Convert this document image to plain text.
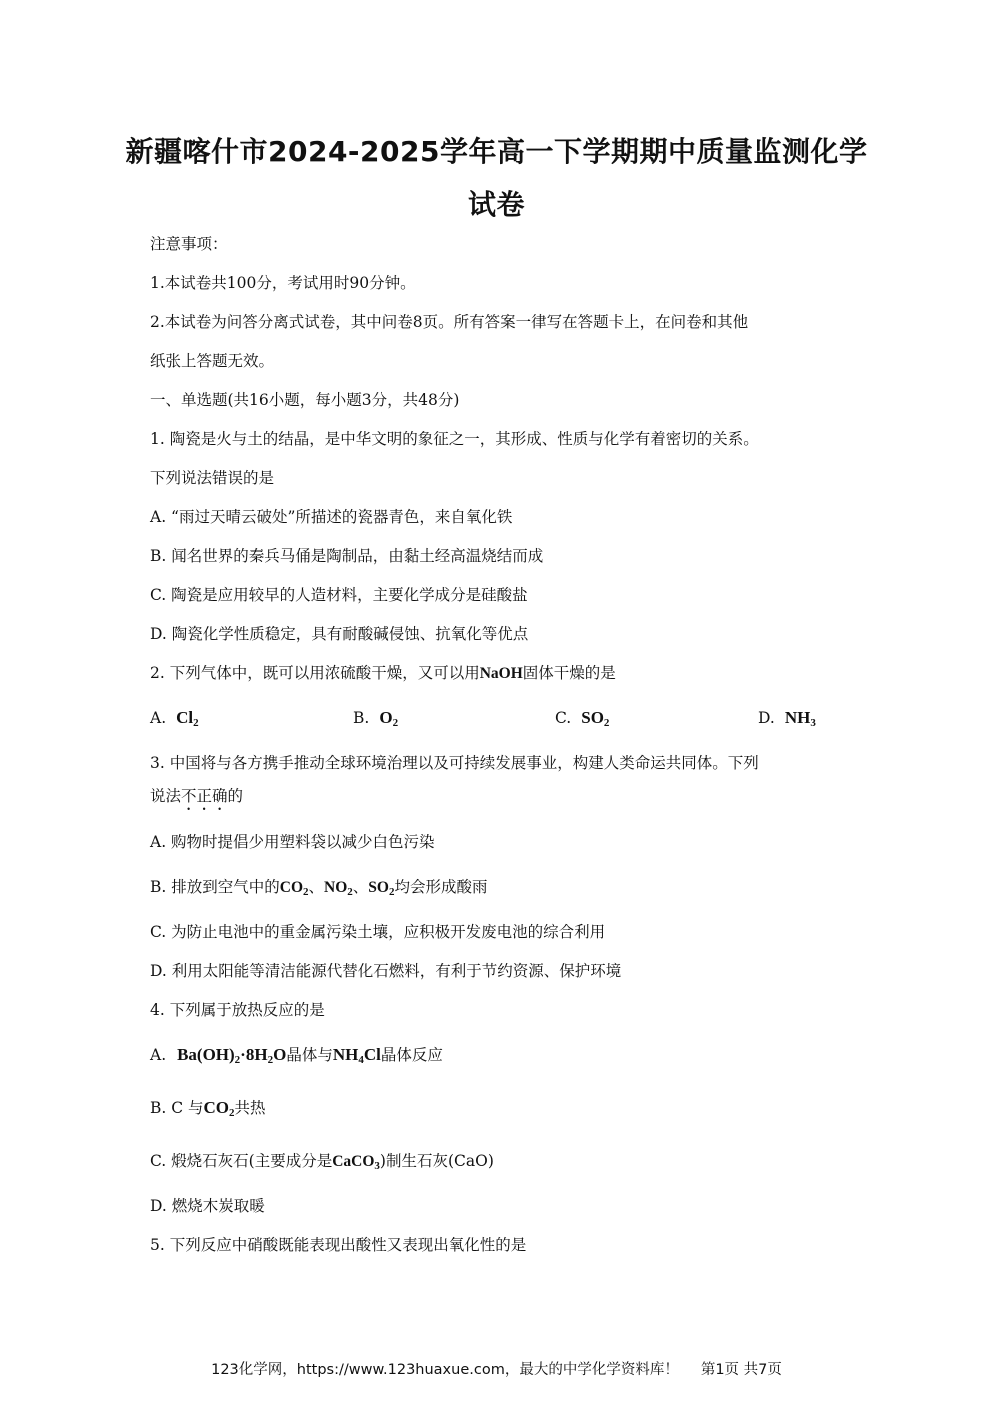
新疆喀什市2024-2025学年高一下学期期中质量监测化学
试卷
注意事项：
1.本试卷共100分，考试用时90分钟。
2.本试卷为问答分离式试卷，其中问卷8页。所有答案一律写在答题卡上，在问卷和其他
纸张上答题无效。
一、单选题(共16小题，每小题3分，共48分)
1. 陶瓷是火与土的结晶，是中华文明的象征之一，其形成、性质与化学有着密切的关系。
下列说法错误的是
A. “雨过天晴云破处”所描述的瓷器青色，来自氧化铁
B. 闻名世界的秦兵马俑是陶制品，由黏土经高温烧结而成
C. 陶瓷是应用较早的人造材料，主要化学成分是硅酸盐
D. 陶瓷化学性质稳定，具有耐酸碱侵蚀、抗氧化等优点
2. 下列气体中，既可以用浓硫酸干燥，又可以用NaOH固体干燥的是
A. $Cl_2$	B. $O_2$	C. $SO_2$	D. $NH_3$
3. 中国将与各方携手推动全球环境治理以及可持续发展事业，构建人类命运共同体。下列
说法不正确的
A. 购物时提倡少用塑料袋以减少白色污染
B. 排放到空气中的$CO_2$、$NO_2$、$SO_2$均会形成酸雨
C. 为防止电池中的重金属污染土壤，应积极开发废电池的综合利用
D. 利用太阳能等清洁能源代替化石燃料，有利于节约资源、保护环境
4. 下列属于放热反应的是
A. $Ba(OH)_2\cdot 8H_2O$晶体与$NH_4Cl$晶体反应
B. C 与$CO_2$共热
C. 煅烧石灰石(主要成分是CaCO$_3$)制生石灰(CaO)
D. 燃烧木炭取暖
5. 下列反应中硝酸既能表现出酸性又表现出氧化性的是
123化学网，https://www.123huaxue.com，最大的中学化学资料库！ 第1页 共7页
